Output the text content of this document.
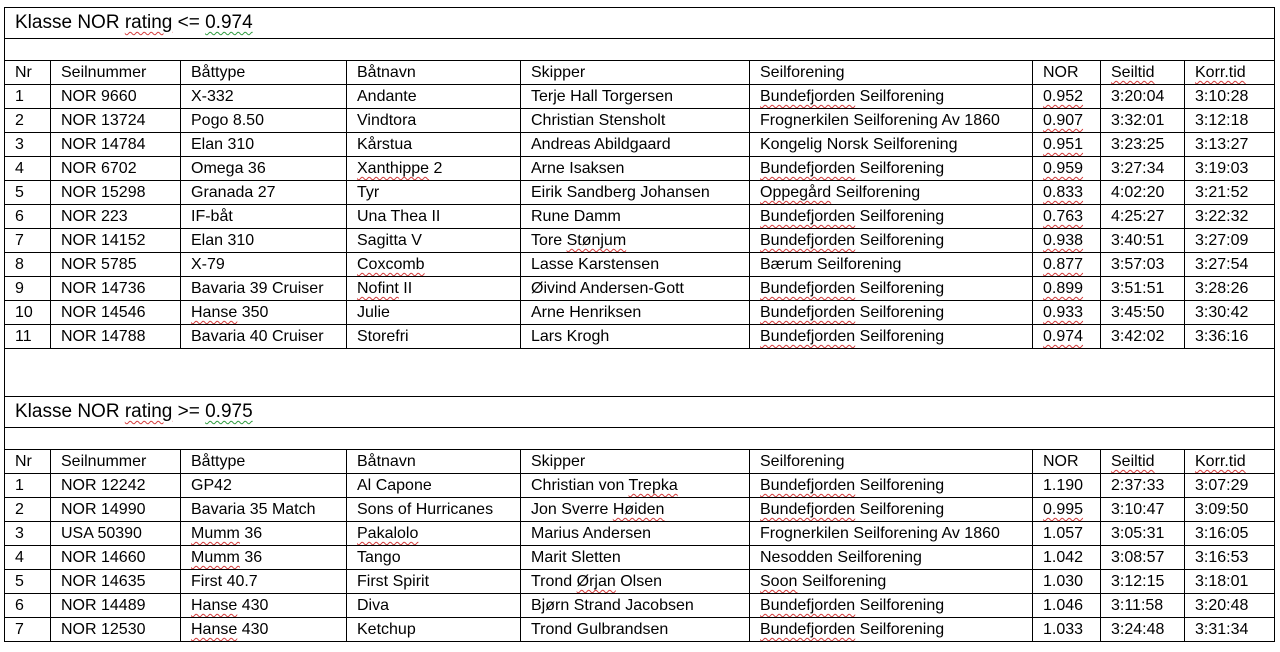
Klasse NOR rating <= 0.974								

Nr	Seilnummer	Båttype	Båtnavn	Skipper	Seilforening	NOR	Seiltid	Korr.tid
1	NOR 9660	X-332	Andante	Terje Hall Torgersen	Bundefjorden Seilforening	0.952	3:20:04	3:10:28
2	NOR 13724	Pogo 8.50	Vindtora	Christian Stensholt	Frognerkilen Seilforening Av 1860	0.907	3:32:01	3:12:18
3	NOR 14784	Elan 310	Kårstua	Andreas Abildgaard	Kongelig Norsk Seilforening	0.951	3:23:25	3:13:27
4	NOR 6702	Omega 36	Xanthippe 2	Arne Isaksen	Bundefjorden Seilforening	0.959	3:27:34	3:19:03
5	NOR 15298	Granada 27	Tyr	Eirik Sandberg Johansen	Oppegård Seilforening	0.833	4:02:20	3:21:52
6	NOR 223	IF-båt	Una Thea II	Rune Damm	Bundefjorden Seilforening	0.763	4:25:27	3:22:32
7	NOR 14152	Elan 310	Sagitta V	Tore Stønjum	Bundefjorden Seilforening	0.938	3:40:51	3:27:09
8	NOR 5785	X-79	Coxcomb	Lasse Karstensen	Bærum Seilforening	0.877	3:57:03	3:27:54
9	NOR 14736	Bavaria 39 Cruiser	Nofint II	Øivind Andersen-Gott	Bundefjorden Seilforening	0.899	3:51:51	3:28:26
10	NOR 14546	Hanse 350	Julie	Arne Henriksen	Bundefjorden Seilforening	0.933	3:45:50	3:30:42
11	NOR 14788	Bavaria 40 Cruiser	Storefri	Lars Krogh	Bundefjorden Seilforening	0.974	3:42:02	3:36:16

Klasse NOR rating >= 0.975								

Nr	Seilnummer	Båttype	Båtnavn	Skipper	Seilforening	NOR	Seiltid	Korr.tid
1	NOR 12242	GP42	Al Capone	Christian von Trepka	Bundefjorden Seilforening	1.190	2:37:33	3:07:29
2	NOR 14990	Bavaria 35 Match	Sons of Hurricanes	Jon Sverre Høiden	Bundefjorden Seilforening	0.995	3:10:47	3:09:50
3	USA 50390	Mumm 36	Pakalolo	Marius Andersen	Frognerkilen Seilforening Av 1860	1.057	3:05:31	3:16:05
4	NOR 14660	Mumm 36	Tango	Marit Sletten	Nesodden Seilforening	1.042	3:08:57	3:16:53
5	NOR 14635	First 40.7	First Spirit	Trond Ørjan Olsen	Soon Seilforening	1.030	3:12:15	3:18:01
6	NOR 14489	Hanse 430	Diva	Bjørn Strand Jacobsen	Bundefjorden Seilforening	1.046	3:11:58	3:20:48
7	NOR 12530	Hanse 430	Ketchup	Trond Gulbrandsen	Bundefjorden Seilforening	1.033	3:24:48	3:31:34
